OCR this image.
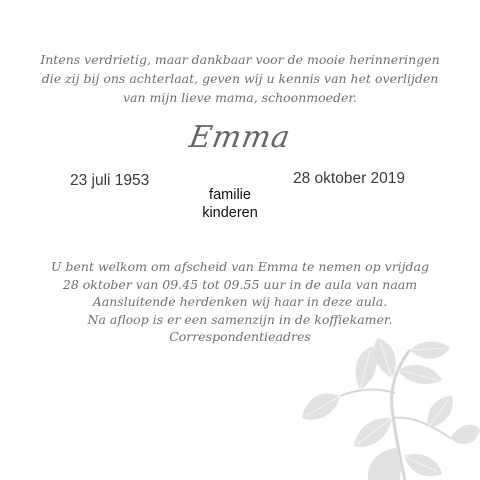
Intens verdrietig, maar dankbaar voor de mooie herinneringen
die zij bij ons achterlaat, geven wij u kennis van het overlijden
van mijn lieve mama, schoonmoeder.

Emma
23 juli 1953	28 oktober 2019
familie
kinderen

U bent welkom om afscheid van Emma te nemen op vrijdag
28 oktober van 09.45 tot 09.55 uur in de aula van naam
Aansluitende herdenken wij haar in deze aula.
Na afloop is er een samenzijn in de koffiekamer.
Correspondentieadres
